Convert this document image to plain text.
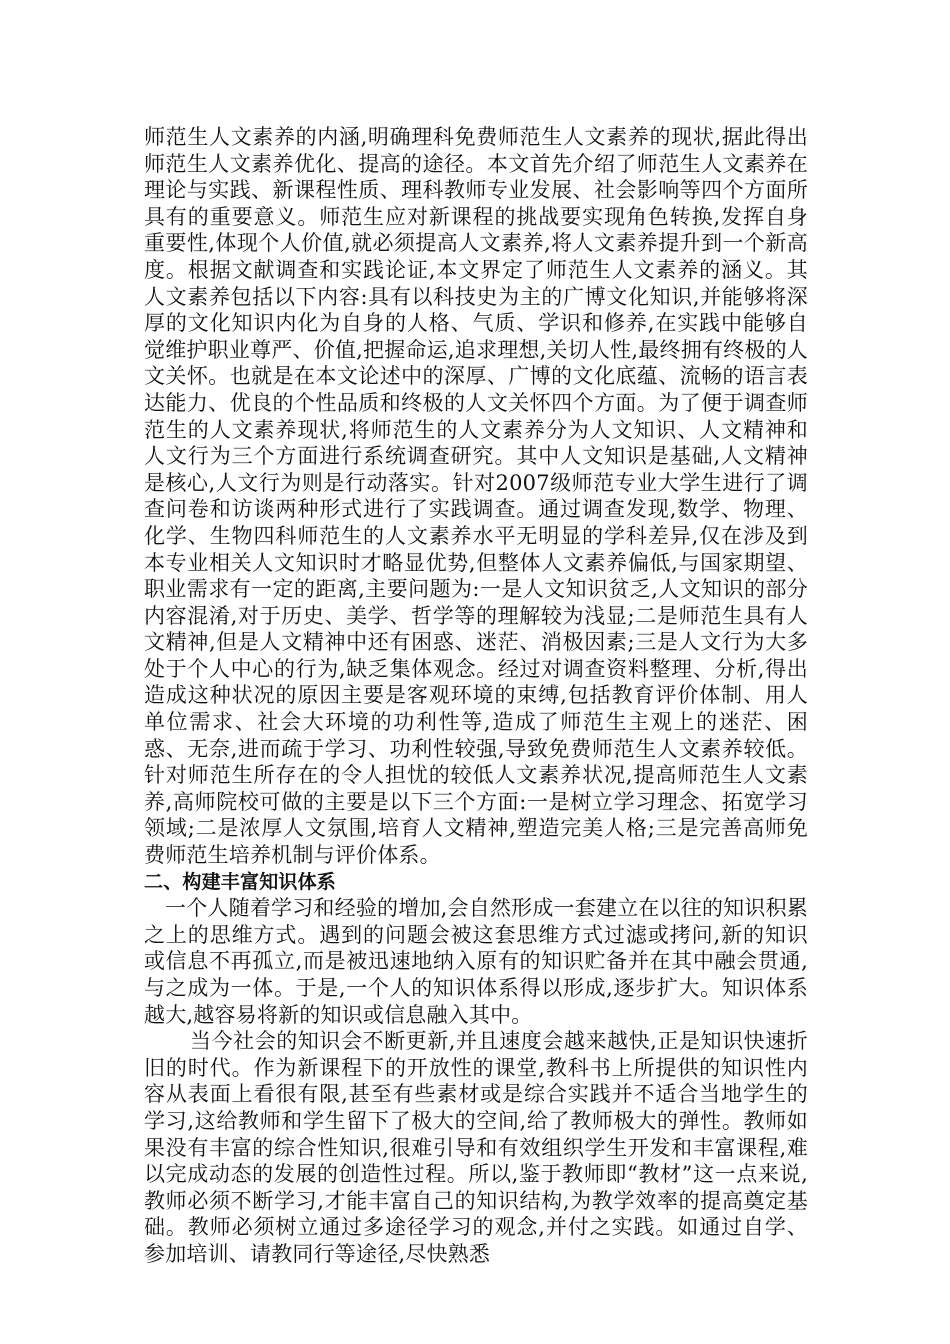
师范生人文素养的内涵,明确理科免费师范生人文素养的现状,据此得出师范生人文素养优化、提高的途径。本文首先介绍了师范生人文素养在理论与实践、新课程性质、理科教师专业发展、社会影响等四个方面所具有的重要意义。师范生应对新课程的挑战要实现角色转换,发挥自身重要性,体现个人价值,就必须提高人文素养,将人文素养提升到一个新高度。根据文献调查和实践论证,本文界定了师范生人文素养的涵义。其人文素养包括以下内容:具有以科技史为主的广博文化知识,并能够将深厚的文化知识内化为自身的人格、气质、学识和修养,在实践中能够自觉维护职业尊严、价值,把握命运,追求理想,关切人性,最终拥有终极的人文关怀。也就是在本文论述中的深厚、广博的文化底蕴、流畅的语言表达能力、优良的个性品质和终极的人文关怀四个方面。为了便于调查师范生的人文素养现状,将师范生的人文素养分为人文知识、人文精神和人文行为三个方面进行系统调查研究。其中人文知识是基础,人文精神是核心,人文行为则是行动落实。针对2007级师范专业大学生进行了调查问卷和访谈两种形式进行了实践调查。通过调查发现,数学、物理、化学、生物四科师范生的人文素养水平无明显的学科差异,仅在涉及到本专业相关人文知识时才略显优势,但整体人文素养偏低,与国家期望、职业需求有一定的距离,主要问题为:一是人文知识贫乏,人文知识的部分内容混淆,对于历史、美学、哲学等的理解较为浅显;二是师范生具有人文精神,但是人文精神中还有困惑、迷茫、消极因素;三是人文行为大多处于个人中心的行为,缺乏集体观念。经过对调查资料整理、分析,得出造成这种状况的原因主要是客观环境的束缚,包括教育评价体制、用人单位需求、社会大环境的功利性等,造成了师范生主观上的迷茫、困惑、无奈,进而疏于学习、功利性较强,导致免费师范生人文素养较低。针对师范生所存在的令人担忧的较低人文素养状况,提高师范生人文素养,高师院校可做的主要是以下三个方面:一是树立学习理念、拓宽学习领域;二是浓厚人文氛围,培育人文精神,塑造完美人格;三是完善高师免费师范生培养机制与评价体系。

二、构建丰富知识体系

一个人随着学习和经验的增加,会自然形成一套建立在以往的知识积累之上的思维方式。遇到的问题会被这套思维方式过滤或拷问,新的知识或信息不再孤立,而是被迅速地纳入原有的知识贮备并在其中融会贯通,与之成为一体。于是,一个人的知识体系得以形成,逐步扩大。知识体系越大,越容易将新的知识或信息融入其中。

当今社会的知识会不断更新,并且速度会越来越快,正是知识快速折旧的时代。作为新课程下的开放性的课堂,教科书上所提供的知识性内容从表面上看很有限,甚至有些素材或是综合实践并不适合当地学生的学习,这给教师和学生留下了极大的空间,给了教师极大的弹性。教师如果没有丰富的综合性知识,很难引导和有效组织学生开发和丰富课程,难以完成动态的发展的创造性过程。所以,鉴于教师即“教材”这一点来说,教师必须不断学习,才能丰富自己的知识结构,为教学效率的提高奠定基础。教师必须树立通过多途径学习的观念,并付之实践。如通过自学、参加培训、请教同行等途径,尽快熟悉
